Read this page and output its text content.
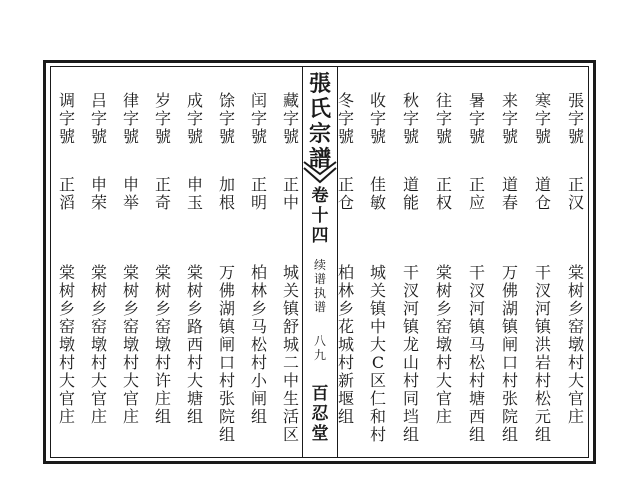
張
字
號
正
汉
棠
树
乡
窑
墩
村
大
官
庄
寒
字
號
道
仓
干
汊
河
镇
洪
岩
村
松
元
组
来
字
號
道
春
万
佛
湖
镇
闸
口
村
张
院
组
暑
字
號
正
应
干
汊
河
镇
马
松
村
塘
西
组
往
字
號
正
权
棠
树
乡
窑
墩
村
大
官
庄
秋
字
號
道
能
干
汊
河
镇
龙
山
村
同
垱
组
收
字
號
佳
敏
城
关
镇
中
大
C
区
仁
和
村
冬
字
號
正
仓
柏
林
乡
花
城
村
新
堰
组
藏
字
號
正
中
城
关
镇
舒
城
二
中
生
活
区
闰
字
號
正
明
柏
林
乡
马
松
村
小
闸
组
馀
字
號
加
根
万
佛
湖
镇
闸
口
村
张
院
组
成
字
號
申
玉
棠
树
乡
路
西
村
大
塘
组
岁
字
號
正
奇
棠
树
乡
窑
墩
村
许
庄
组
律
字
號
申
举
棠
树
乡
窑
墩
村
大
官
庄
吕
字
號
申
荣
棠
树
乡
窑
墩
村
大
官
庄
调
字
號
正
滔
棠
树
乡
窑
墩
村
大
官
庄
張
氏
宗
譜
卷
十
四
续
谱
执
谱
八
九
百
忍
堂
